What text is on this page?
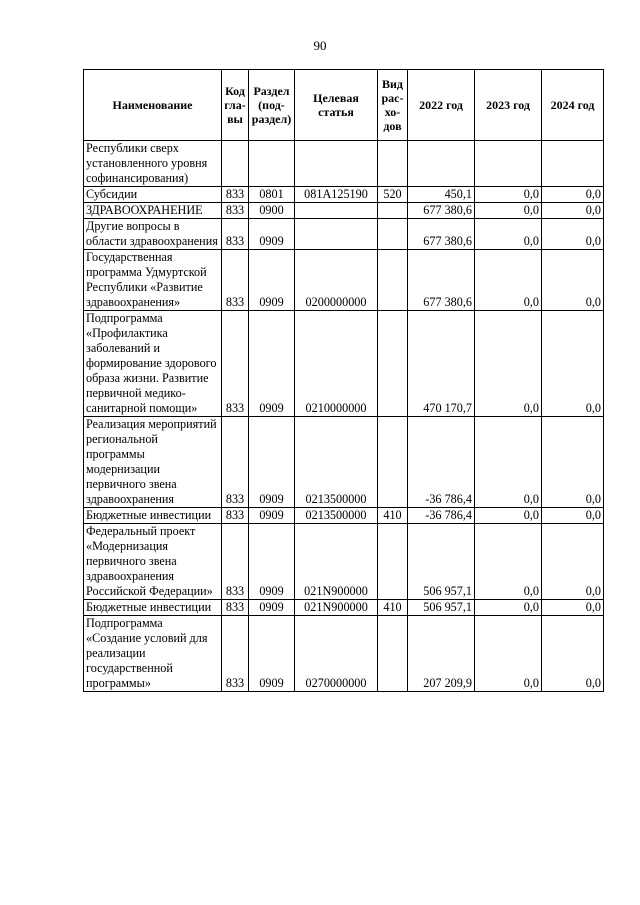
90
Наименование	Код гла-вы	Раздел (под-раздел)	Целевая статья	Вид рас-хо-дов	2022 год	2023 год	2024 год
Республики сверх установленного уровня софинансирования)							
Субсидии	833	0801	081A125190	520	450,1	0,0	0,0
ЗДРАВООХРАНЕНИЕ	833	0900			677 380,6	0,0	0,0
Другие вопросы в области здравоохранения	833	0909			677 380,6	0,0	0,0
Государственная программа Удмуртской Республики «Развитие здравоохранения»	833	0909	0200000000		677 380,6	0,0	0,0
Подпрограмма «Профилактика заболеваний и формирование здорового образа жизни. Развитие первичной медико-санитарной помощи»	833	0909	0210000000		470 170,7	0,0	0,0
Реализация мероприятий региональной программы модернизации первичного звена здравоохранения	833	0909	0213500000		-36 786,4	0,0	0,0
Бюджетные инвестиции	833	0909	0213500000	410	-36 786,4	0,0	0,0
Федеральный проект «Модернизация первичного звена здравоохранения Российской Федерации»	833	0909	021N900000		506 957,1	0,0	0,0
Бюджетные инвестиции	833	0909	021N900000	410	506 957,1	0,0	0,0
Подпрограмма «Создание условий для реализации государственной программы»	833	0909	0270000000		207 209,9	0,0	0,0
